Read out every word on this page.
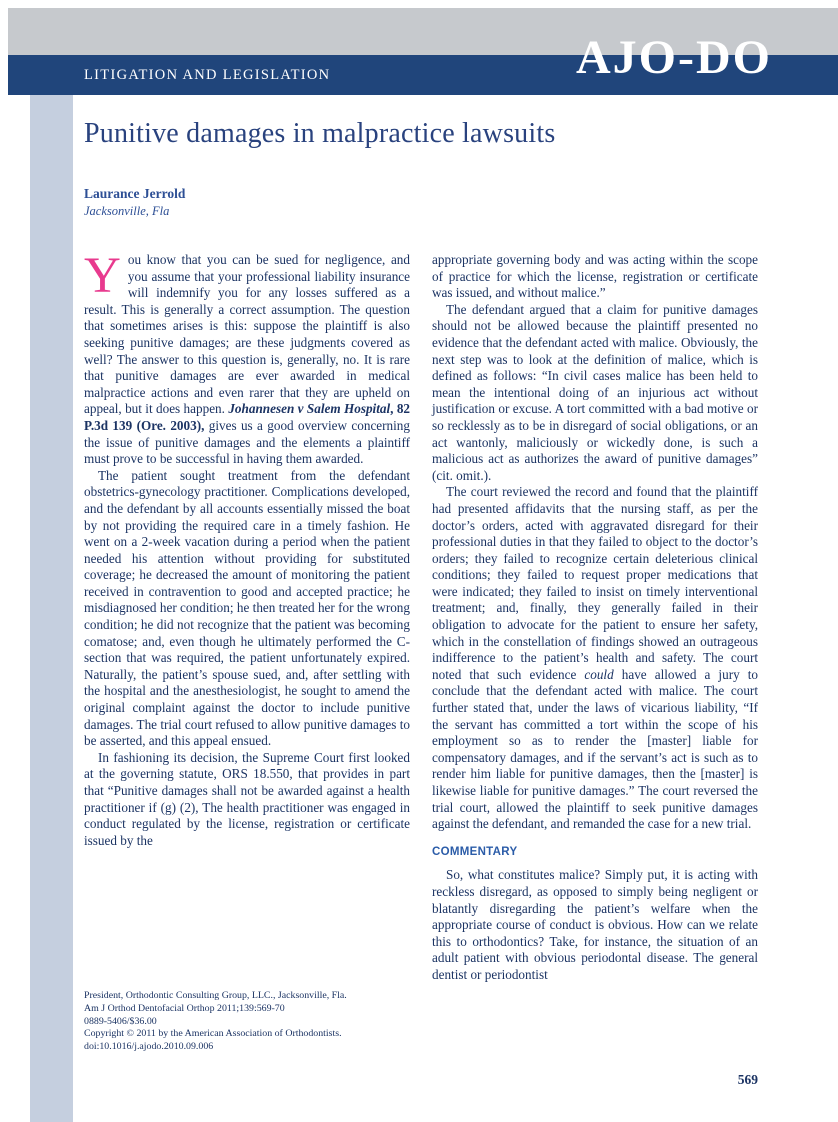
LITIGATION AND LEGISLATION	AJO-DO
Punitive damages in malpractice lawsuits
Laurance Jerrold
Jacksonville, Fla

You know that you can be sued for negligence, and you assume that your professional liability insurance will indemnify you for any losses suffered as a result. This is generally a correct assumption. The question that sometimes arises is this: suppose the plaintiff is also seeking punitive damages; are these judgments covered as well? The answer to this question is, generally, no. It is rare that punitive damages are ever awarded in medical malpractice actions and even rarer that they are upheld on appeal, but it does happen. Johannesen v Salem Hospital, 82 P.3d 139 (Ore. 2003), gives us a good overview concerning the issue of punitive damages and the elements a plaintiff must prove to be successful in having them awarded.

The patient sought treatment from the defendant obstetrics-gynecology practitioner. Complications developed, and the defendant by all accounts essentially missed the boat by not providing the required care in a timely fashion. He went on a 2-week vacation during a period when the patient needed his attention without providing for substituted coverage; he decreased the amount of monitoring the patient received in contravention to good and accepted practice; he misdiagnosed her condition; he then treated her for the wrong condition; he did not recognize that the patient was becoming comatose; and, even though he ultimately performed the C-section that was required, the patient unfortunately expired. Naturally, the patient’s spouse sued, and, after settling with the hospital and the anesthesiologist, he sought to amend the original complaint against the doctor to include punitive damages. The trial court refused to allow punitive damages to be asserted, and this appeal ensued.

In fashioning its decision, the Supreme Court first looked at the governing statute, ORS 18.550, that provides in part that “Punitive damages shall not be awarded against a health practitioner if (g) (2), The health practitioner was engaged in conduct regulated by the license, registration or certificate issued by the

appropriate governing body and was acting within the scope of practice for which the license, registration or certificate was issued, and without malice.”

The defendant argued that a claim for punitive damages should not be allowed because the plaintiff presented no evidence that the defendant acted with malice. Obviously, the next step was to look at the definition of malice, which is defined as follows: “In civil cases malice has been held to mean the intentional doing of an injurious act without justification or excuse. A tort committed with a bad motive or so recklessly as to be in disregard of social obligations, or an act wantonly, maliciously or wickedly done, is such a malicious act as authorizes the award of punitive damages” (cit. omit.).

The court reviewed the record and found that the plaintiff had presented affidavits that the nursing staff, as per the doctor’s orders, acted with aggravated disregard for their professional duties in that they failed to object to the doctor’s orders; they failed to recognize certain deleterious clinical conditions; they failed to request proper medications that were indicated; they failed to insist on timely interventional treatment; and, finally, they generally failed in their obligation to advocate for the patient to ensure her safety, which in the constellation of findings showed an outrageous indifference to the patient’s health and safety. The court noted that such evidence could have allowed a jury to conclude that the defendant acted with malice. The court further stated that, under the laws of vicarious liability, “If the servant has committed a tort within the scope of his employment so as to render the [master] liable for compensatory damages, and if the servant’s act is such as to render him liable for punitive damages, then the [master] is likewise liable for punitive damages.” The court reversed the trial court, allowed the plaintiff to seek punitive damages against the defendant, and remanded the case for a new trial.

COMMENTARY

So, what constitutes malice? Simply put, it is acting with reckless disregard, as opposed to simply being negligent or blatantly disregarding the patient’s welfare when the appropriate course of conduct is obvious. How can we relate this to orthodontics? Take, for instance, the situation of an adult patient with obvious periodontal disease. The general dentist or periodontist

President, Orthodontic Consulting Group, LLC., Jacksonville, Fla.
Am J Orthod Dentofacial Orthop 2011;139:569-70
0889-5406/$36.00
Copyright © 2011 by the American Association of Orthodontists.
doi:10.1016/j.ajodo.2010.09.006
569
